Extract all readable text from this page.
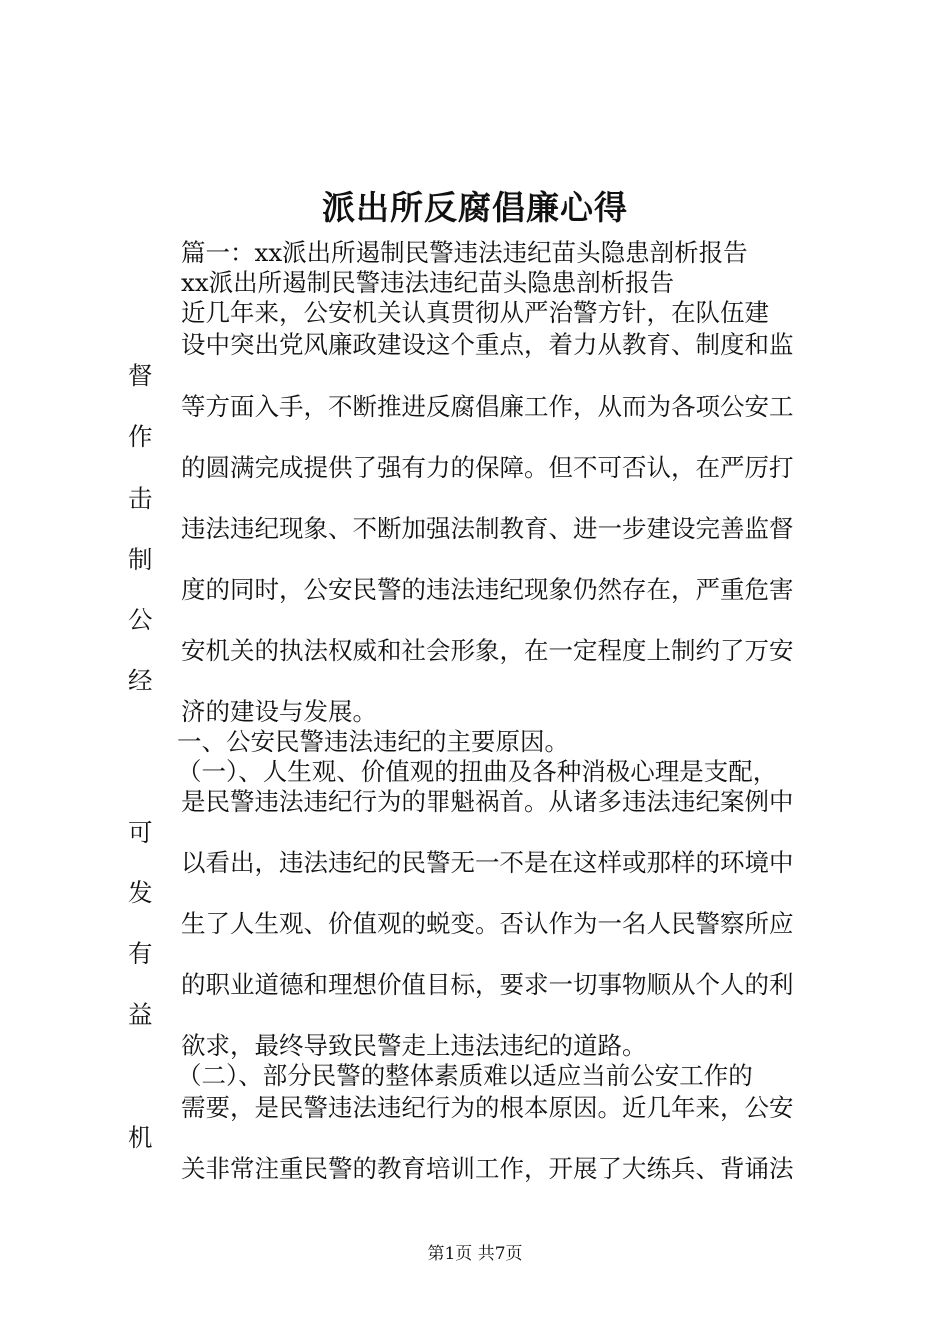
派出所反腐倡廉心得
篇一：xx派出所遏制民警违法违纪苗头隐患剖析报告
xx派出所遏制民警违法违纪苗头隐患剖析报告
近几年来，公安机关认真贯彻从严治警方针，在队伍建
设中突出党风廉政建设这个重点，着力从教育、制度和监
督
等方面入手，不断推进反腐倡廉工作，从而为各项公安工
作
的圆满完成提供了强有力的保障。但不可否认，在严厉打
击
违法违纪现象、不断加强法制教育、进一步建设完善监督
制
度的同时，公安民警的违法违纪现象仍然存在，严重危害
公
安机关的执法权威和社会形象，在一定程度上制约了万安
经
济的建设与发展。
一、公安民警违法违纪的主要原因。
（一）、人生观、价值观的扭曲及各种消极心理是支配，
是民警违法违纪行为的罪魁祸首。从诸多违法违纪案例中
可
以看出，违法违纪的民警无一不是在这样或那样的环境中
发
生了人生观、价值观的蜕变。否认作为一名人民警察所应
有
的职业道德和理想价值目标，要求一切事物顺从个人的利
益
欲求，最终导致民警走上违法违纪的道路。
（二）、部分民警的整体素质难以适应当前公安工作的
需要，是民警违法违纪行为的根本原因。近几年来，公安
机
关非常注重民警的教育培训工作，开展了大练兵、背诵法
第1页 共7页
